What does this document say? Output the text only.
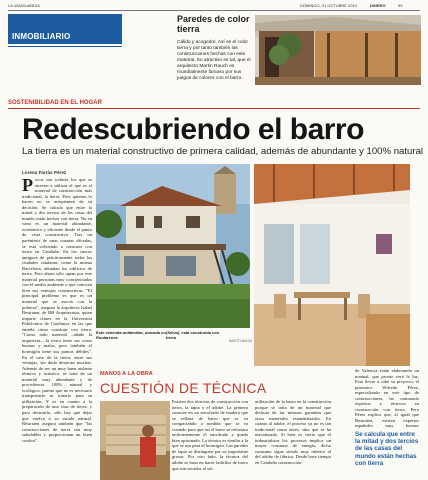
LA VANGUARDIA	DOMINGO, 31 OCTUBRE 2010	DINERO	59
INMOBILIARIO
Paredes de color tierra
Cálido y acogedor. Así es el color tierra y por tanto también las construcciones hechas con este material. Su atractivo es tal, que el arquitecto Martin Rauch es mundialmente famoso por sus juegos de colores con el barro.
SOSTENIBILIDAD EN EL HOGAR
Redescubriendo el barro
La tierra es un material constructivo de primera calidad, además de abundante y 100% natural
Lorena Farràs Pérez
Pocos son todavía los que se atreven a utilizar el que es el material de construcción más tradicional, la tierra. Pero quienes lo hacen no se arrepienten de su decisión. Se calcula que entre la mitad y dos tercios de las casas del mundo están hechas con tierra. No en vano es un material abundante, económico y eficiente desde el punto de vista constructivo. Tras un paréntesis de unas cuantas décadas, se está volviendo a construir con tierra en Cataluña. En los cascos antiguos de prácticamente todas las ciudades catalanas, como la misma Barcelona, abundan los edificios de tierra. Pero ahora sólo optan por este material personas muy concienciadas con el medio ambiente o que conocen bien sus ventajas constructivas. "El principal problema es que es un material que se asocia con la pobreza", asegura la arquitecta Isabel Bestraten, de BH Arquitectura, quien imparte clases en la Universitat Politècnica de Catalunya en las que enseña cómo construir con tierra. "Como todo material –añade la arquitecta–, la tierra tiene sus cosas buenas y malas, pero también el hormigón tiene sus puntos débiles". En el caso de la tierra, entre sus ventajas, sin duda destacan muchas. Además de ser un muy buen aislante térmico y acústico, se trata de un material muy abundante y de procedencia 100% natural y ecológico, puesto que no es necesario transportarlo ni tratarlo para su utilización. Y es en cuanto a la preparación de una casa de tierra, y para destruirlo, sólo hay que dejar que vuelva a su estado natural. Bestraten asegura también que "las construcciones de tierra son muy saludables y proporcionan un buen confort".
Este vivienda unifamiliar, ubicada en Riudarenes
(Selva), está construida con tierra
BASOTI MAGIA
MANOS A LA OBRA
CUESTIÓN DE TÉCNICA
Existen dos técnicas de construcción con tierra, la tapia y el adobe. La primera consiste en un encofrado de madera que se rellena de barro que se va compactando a medida que se va creando para que así el barro se reforzara uniformemente el encofrado y queda bien apisonado. La técnica es similar a la que se usa para el hormigón. Las paredes de tapia se distinguen por su importante grosor. Por otro lado, la técnica del adobe se basa en hacer ladrillos de barro que son secados al sol.
utilización de la barro en la construcción porque se trata de un material que disfruta de las mismas garantías que otros materiales estandarizados. En cuanto al adobe, el proceso ya no es tan tradicional como antes, sino que se ha mecanizado. Si bien es cierto que el industrializar los procesos implica un mayor consumo de energía, dicho consumo sigue siendo muy inferior al del adobe de fábrica. Desde hace tiempo en Cataluña construcción.
de Valencia están elaborando un manual, que pronto verá la luz. Para llevar a cabo su proyecto, el promotor Wifredo Pérez, especializado en este tipo de construcciones, ha contratado expertos y técnicos en construcción con tierra. Pero Pérez explica que, al igual que Bestraten, existen expertos españoles muy buenos
Se calcula que entre la mitad y dos tercios de las casas del mundo están hechas con tierra
